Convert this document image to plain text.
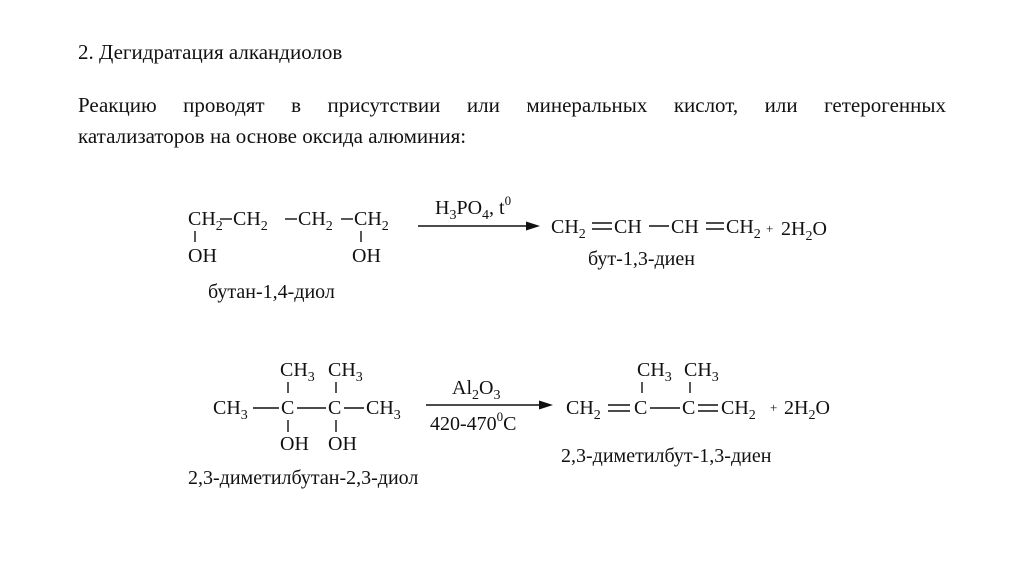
2. Дегидратация алкандиолов
Реакцию проводят в присутствии или минеральных кислот, или гетерогенных
катализаторов на основе оксида алюминия:
$CH_2$ $CH_2$ $CH_2$ $CH_2$
OH	OH
бутан-1,4-диол
$H_3PO_4$, $t^0$
$CH_2$ CH CH $CH_2 + 2H_2O$
бут-1,3-диен
$CH_3$ $CH_3$
$CH_3$ C C $CH_3$
OH OH
2,3-диметилбутан-2,3-диол
$Al_2O_3$
$420-470^0C$
$CH_3$ $CH_3$
$CH_2$ C C $CH_2$
+ $2H_2O$
2,3-диметилбут-1,3-диен
